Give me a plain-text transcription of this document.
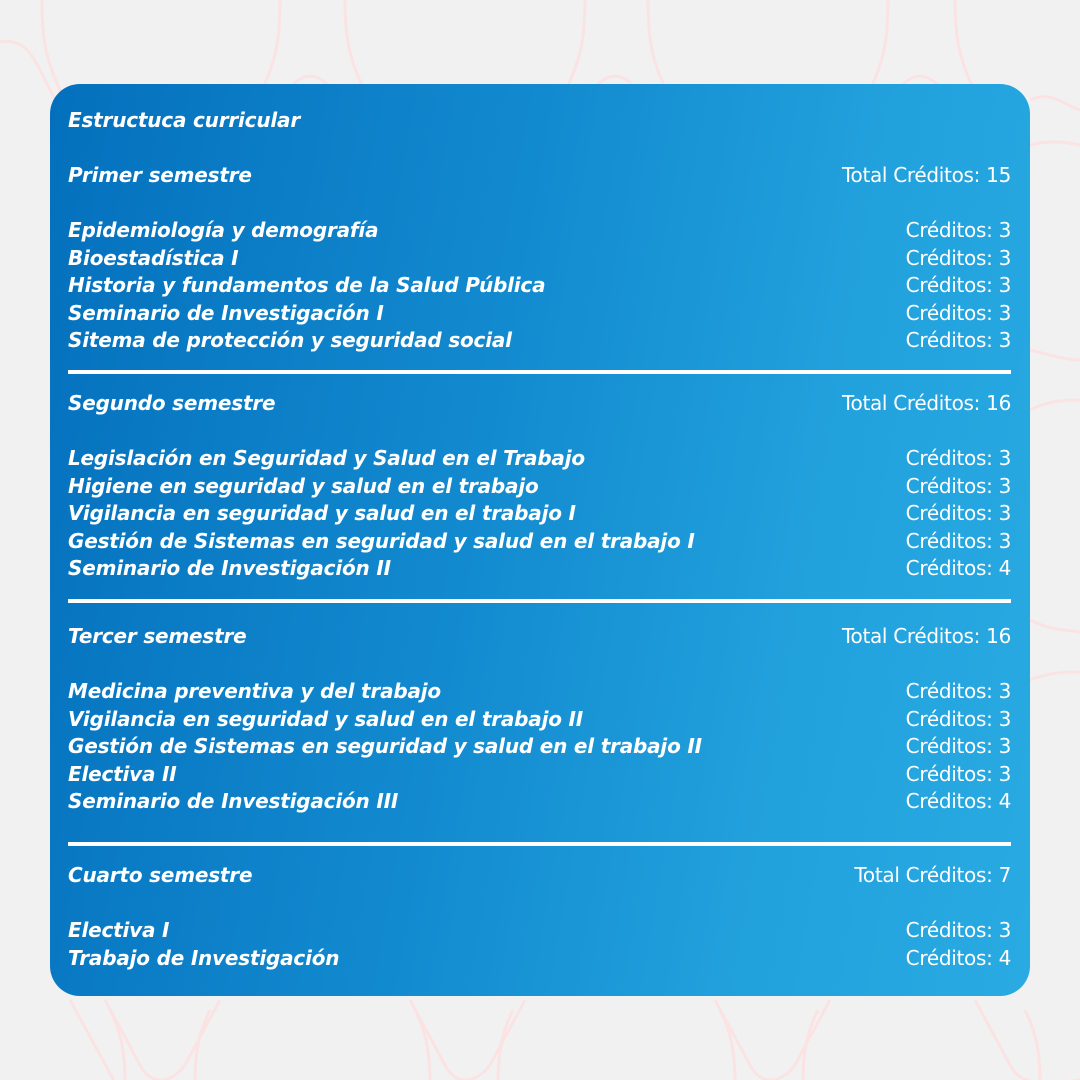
Estructuca curricular
Primer semestre	Total Créditos: 15
Epidemiología y demografía	Créditos: 3
Bioestadística I	Créditos: 3
Historia y fundamentos de la Salud Pública	Créditos: 3
Seminario de Investigación I	Créditos: 3
Sitema de protección y seguridad social	Créditos: 3
Segundo semestre	Total Créditos: 16
Legislación en Seguridad y Salud en el Trabajo	Créditos: 3
Higiene en seguridad y salud en el trabajo	Créditos: 3
Vigilancia en seguridad y salud en el trabajo I	Créditos: 3
Gestión de Sistemas en seguridad y salud en el trabajo I	Créditos: 3
Seminario de Investigación II	Créditos: 4
Tercer semestre	Total Créditos: 16
Medicina preventiva y del trabajo	Créditos: 3
Vigilancia en seguridad y salud en el trabajo II	Créditos: 3
Gestión de Sistemas en seguridad y salud en el trabajo II	Créditos: 3
Electiva II	Créditos: 3
Seminario de Investigación III	Créditos: 4
Cuarto semestre	Total Créditos: 7
Electiva I	Créditos: 3
Trabajo de Investigación	Créditos: 4
